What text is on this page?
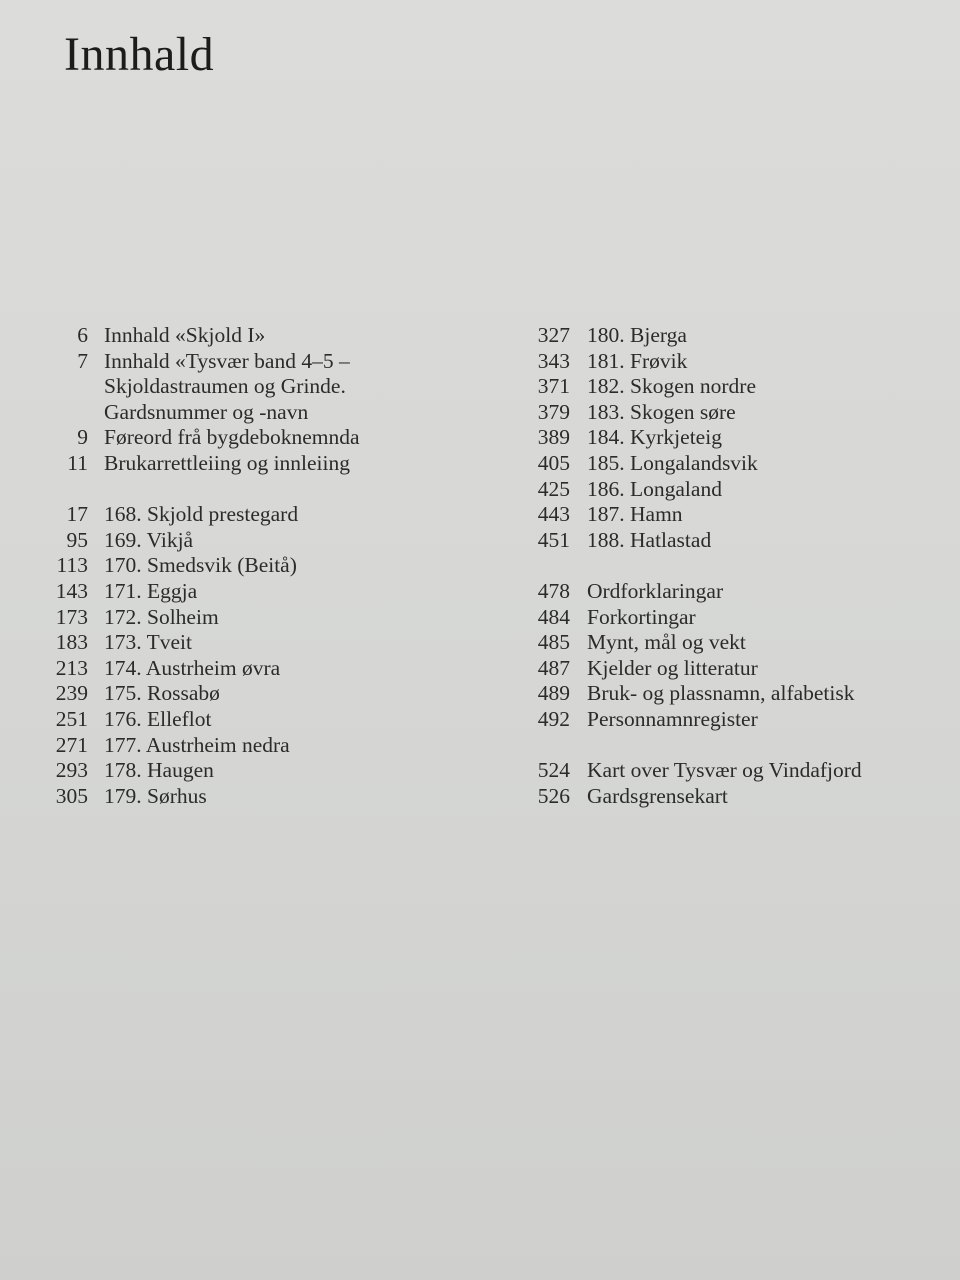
Innhald
6 Innhald «Skjold I»
7 Innhald «Tysvær band 4–5 –
Skjoldastraumen og Grinde.
Gardsnummer og -navn
9 Føreord frå bygdeboknemnda
11 Brukarrettleiing og innleiing
17 168. Skjold prestegard
95 169. Vikjå
113 170. Smedsvik (Beitå)
143 171. Eggja
173 172. Solheim
183 173. Tveit
213 174. Austrheim øvra
239 175. Rossabø
251 176. Elleflot
271 177. Austrheim nedra
293 178. Haugen
305 179. Sørhus
327 180. Bjerga
343 181. Frøvik
371 182. Skogen nordre
379 183. Skogen søre
389 184. Kyrkjeteig
405 185. Longalandsvik
425 186. Longaland
443 187. Hamn
451 188. Hatlastad
478 Ordforklaringar
484 Forkortingar
485 Mynt, mål og vekt
487 Kjelder og litteratur
489 Bruk- og plassnamn, alfabetisk
492 Personnamnregister
524 Kart over Tysvær og Vindafjord
526 Gardsgrensekart
